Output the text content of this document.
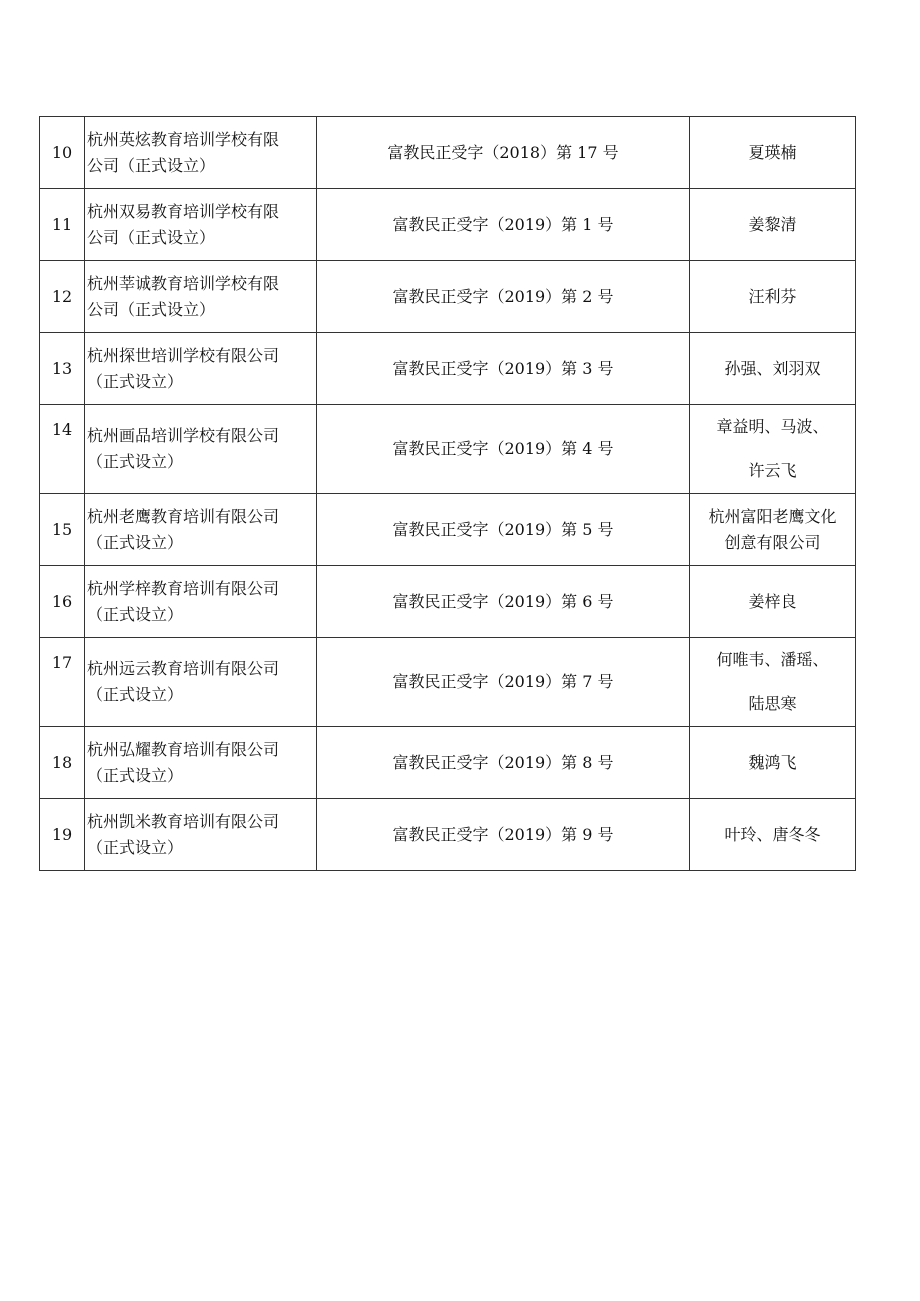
10	杭州英炫教育培训学校有限
公司（正式设立）	富教民正受字（2018）第 17 号	夏瑛楠

11	杭州双易教育培训学校有限
公司（正式设立）	富教民正受字（2019）第 1 号	姜黎清

12	杭州莘诚教育培训学校有限
公司（正式设立）	富教民正受字（2019）第 2 号	汪利芬

13	杭州探世培训学校有限公司
（正式设立）	富教民正受字（2019）第 3 号	孙强、刘羽双

14	杭州画品培训学校有限公司
（正式设立）	富教民正受字（2019）第 4 号	章益明、马波、
许云飞

15	杭州老鹰教育培训有限公司
（正式设立）	富教民正受字（2019）第 5 号	杭州富阳老鹰文化
创意有限公司

16	杭州学梓教育培训有限公司
（正式设立）	富教民正受字（2019）第 6 号	姜梓良

17	杭州远云教育培训有限公司
（正式设立）	富教民正受字（2019）第 7 号	何唯韦、潘瑶、
陆思寒

18	杭州弘耀教育培训有限公司
（正式设立）	富教民正受字（2019）第 8 号	魏鸿飞

19	杭州凯米教育培训有限公司
（正式设立）	富教民正受字（2019）第 9 号	叶玲、唐冬冬
